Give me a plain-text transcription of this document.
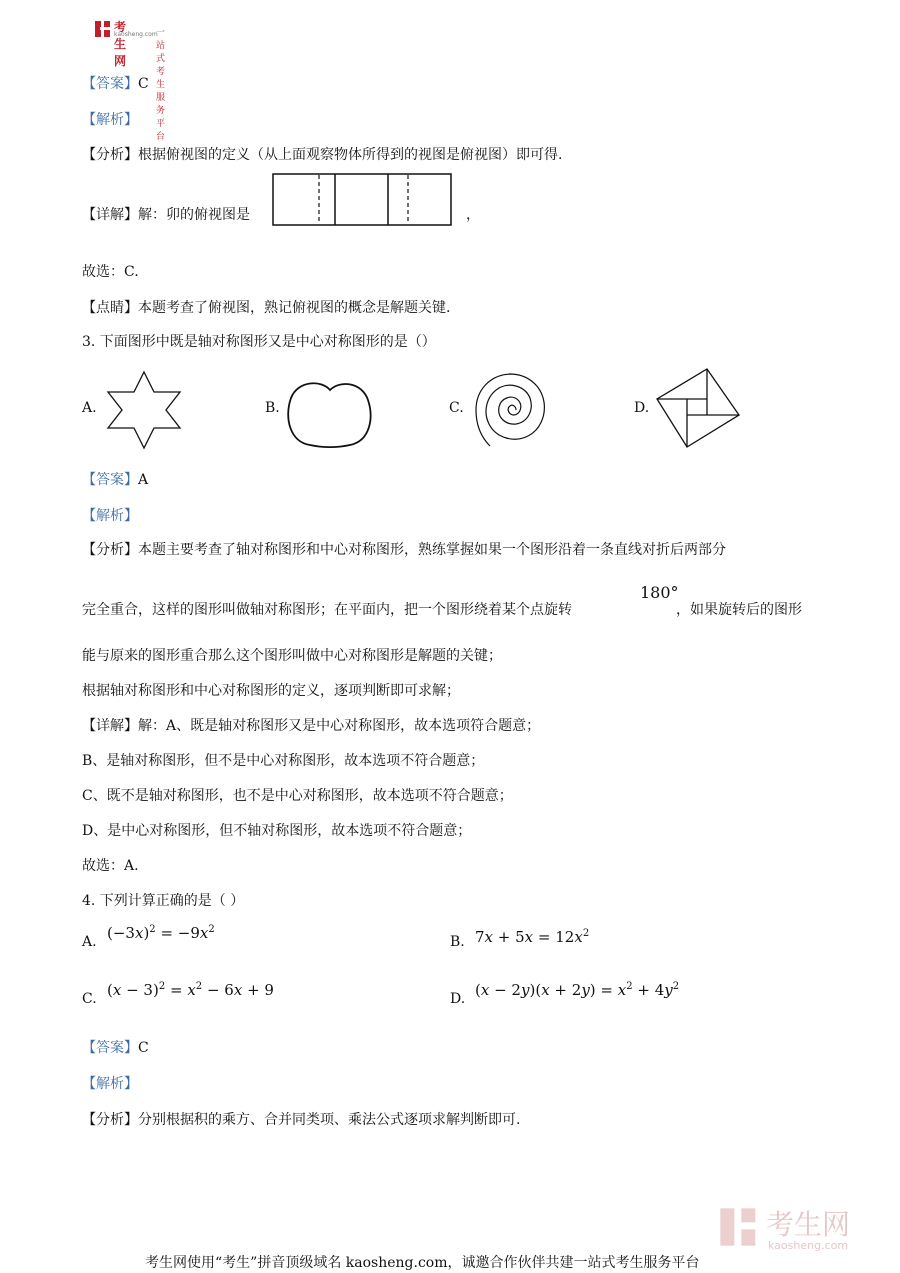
考生网
kaosheng.com
一站式考生服务平台
【答案】C
【解析】
【分析】根据俯视图的定义（从上面观察物体所得到的视图是俯视图）即可得.
【详解】解：卯的俯视图是	，
故选：C.
【点睛】本题考查了俯视图，熟记俯视图的概念是解题关键.
3. 下面图形中既是轴对称图形又是中心对称图形的是（）
A.	B.	C.	D.
【答案】A
【解析】
【分析】本题主要考查了轴对称图形和中心对称图形，熟练掌握如果一个图形沿着一条直线对折后两部分
完全重合，这样的图形叫做轴对称图形；在平面内，把一个图形绕着某个点旋转
180°
，如果旋转后的图形
能与原来的图形重合那么这个图形叫做中心对称图形是解题的关键；
根据轴对称图形和中心对称图形的定义，逐项判断即可求解；
【详解】解：A、既是轴对称图形又是中心对称图形，故本选项符合题意；
B、是轴对称图形，但不是中心对称图形，故本选项不符合题意；
C、既不是轴对称图形，也不是中心对称图形，故本选项不符合题意；
D、是中心对称图形，但不轴对称图形，故本选项不符合题意；
故选：A.
4. 下列计算正确的是（ ）
A. $(-3x)^2 = -9x^2$
B. $7x + 5x = 12x^2$
C. $(x - 3)^2 = x^2 - 6x + 9$	D. $(x - 2y)(x + 2y) = x^2 + 4y^2$
【答案】C
【解析】
【分析】分别根据积的乘方、合并同类项、乘法公式逐项求解判断即可.
考生网
kaosheng.com
考生网使用“考生”拼音顶级域名 kaosheng.com，诚邀合作伙伴共建一站式考生服务平台
